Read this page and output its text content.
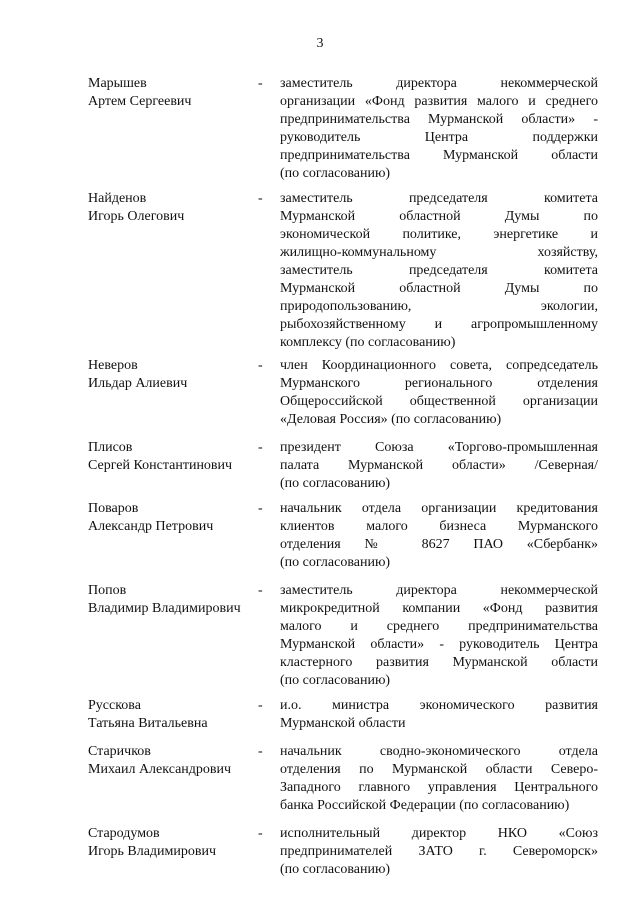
3
Марышев
Артем Сергеевич
-	заместитель директора некоммерческой
организации «Фонд развития малого и среднего
предпринимательства Мурманской области» -
руководитель Центра поддержки
предпринимательства Мурманской области
(по согласованию)
Найденов
Игорь Олегович
-	заместитель председателя комитета
Мурманской областной Думы по
экономической политике, энергетике и
жилищно-коммунальному хозяйству,
заместитель председателя комитета
Мурманской областной Думы по
природопользованию, экологии,
рыбохозяйственному и агропромышленному
комплексу (по согласованию)
Неверов
Ильдар Алиевич
-	член Координационного совета, сопредседатель
Мурманского регионального отделения
Общероссийской общественной организации
«Деловая Россия» (по согласованию)
Плисов
Сергей Константинович
-	президент Союза «Торгово-промышленная
палата Мурманской области» /Северная/
(по согласованию)
Поваров
Александр Петрович
-	начальник отдела организации кредитования
клиентов малого бизнеса Мурманского
отделения № 8627 ПАО «Сбербанк»
(по согласованию)
Попов
Владимир Владимирович
-	заместитель директора некоммерческой
микрокредитной компании «Фонд развития
малого и среднего предпринимательства
Мурманской области» - руководитель Центра
кластерного развития Мурманской области
(по согласованию)
Русскова
Татьяна Витальевна
-	и.о. министра экономического развития
Мурманской области
Старичков
Михаил Александрович
-	начальник сводно-экономического отдела
отделения по Мурманской области Северо-
Западного главного управления Центрального
банка Российской Федерации (по согласованию)
Стародумов
Игорь Владимирович
-	исполнительный директор НКО «Союз
предпринимателей ЗАТО г. Североморск»
(по согласованию)
